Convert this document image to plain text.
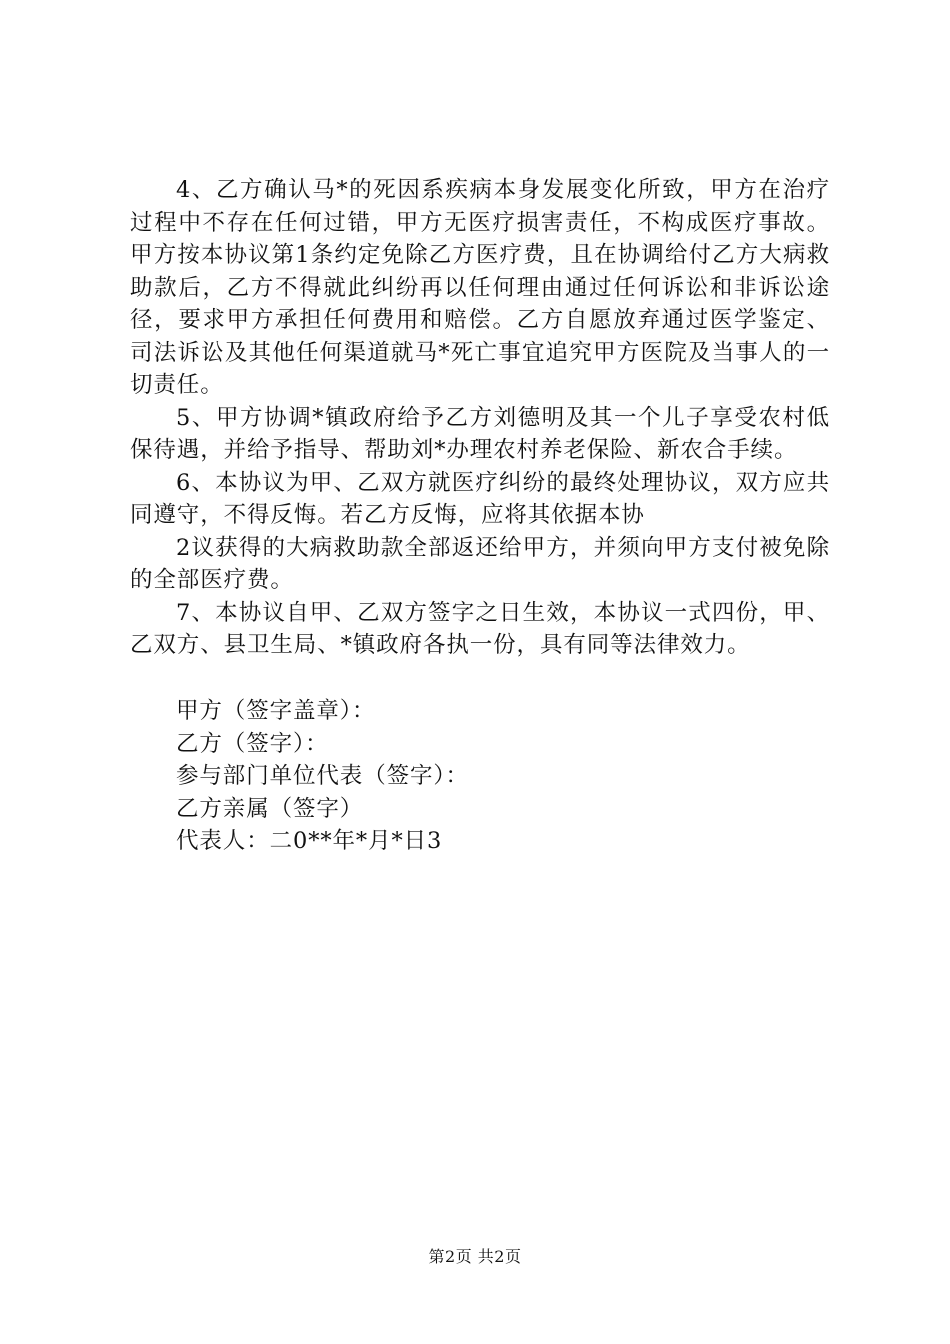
4、乙方确认马*的死因系疾病本身发展变化所致，甲方在治疗过程中不存在任何过错，甲方无医疗损害责任，不构成医疗事故。甲方按本协议第1条约定免除乙方医疗费，且在协调给付乙方大病救助款后，乙方不得就此纠纷再以任何理由通过任何诉讼和非诉讼途径，要求甲方承担任何费用和赔偿。乙方自愿放弃通过医学鉴定、司法诉讼及其他任何渠道就马*死亡事宜追究甲方医院及当事人的一切责任。

5、甲方协调*镇政府给予乙方刘德明及其一个儿子享受农村低保待遇，并给予指导、帮助刘*办理农村养老保险、新农合手续。

6、本协议为甲、乙双方就医疗纠纷的最终处理协议，双方应共同遵守，不得反悔。若乙方反悔，应将其依据本协

2议获得的大病救助款全部返还给甲方，并须向甲方支付被免除的全部医疗费。

7、本协议自甲、乙双方签字之日生效，本协议一式四份，甲、乙双方、县卫生局、*镇政府各执一份，具有同等法律效力。

甲方（签字盖章）：
乙方（签字）：
参与部门单位代表（签字）：
乙方亲属（签字）
代表人：二0**年*月*日3
第2页 共2页
